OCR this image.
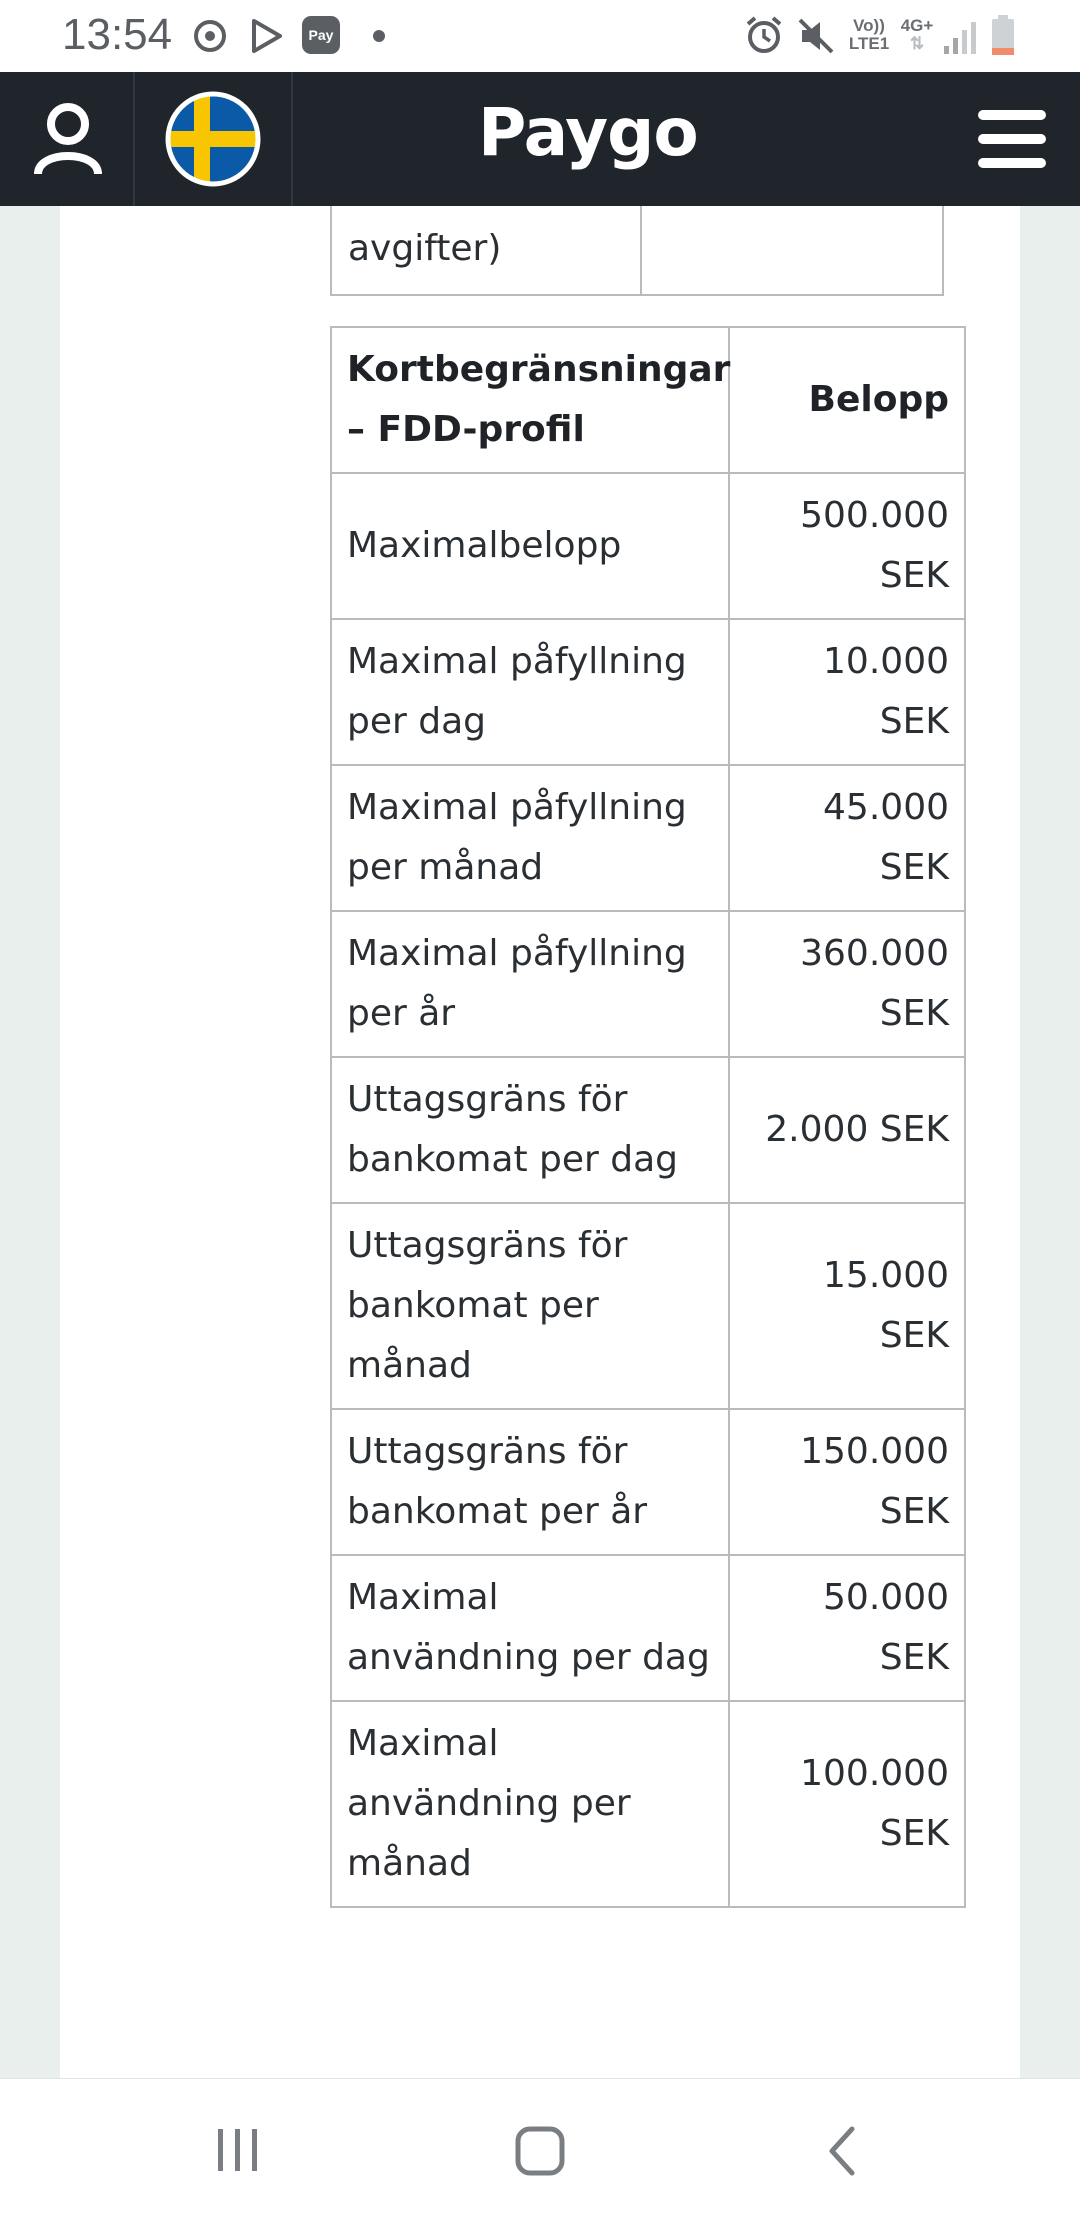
13:54	Pay	Vo))
LTE1
4G+
⇅
Paygo
avgifter)
Kortbegränsningar – FDD-profil	Belopp
Maximalbelopp	500.000 SEK
Maximal påfyllning per dag	10.000 SEK
Maximal påfyllning per månad	45.000 SEK
Maximal påfyllning per år	360.000 SEK
Uttagsgräns för bankomat per dag	2.000 SEK
Uttagsgräns för bankomat per månad	15.000 SEK
Uttagsgräns för bankomat per år	150.000 SEK
Maximal användning per dag	50.000 SEK
Maximal användning per månad	100.000 SEK
